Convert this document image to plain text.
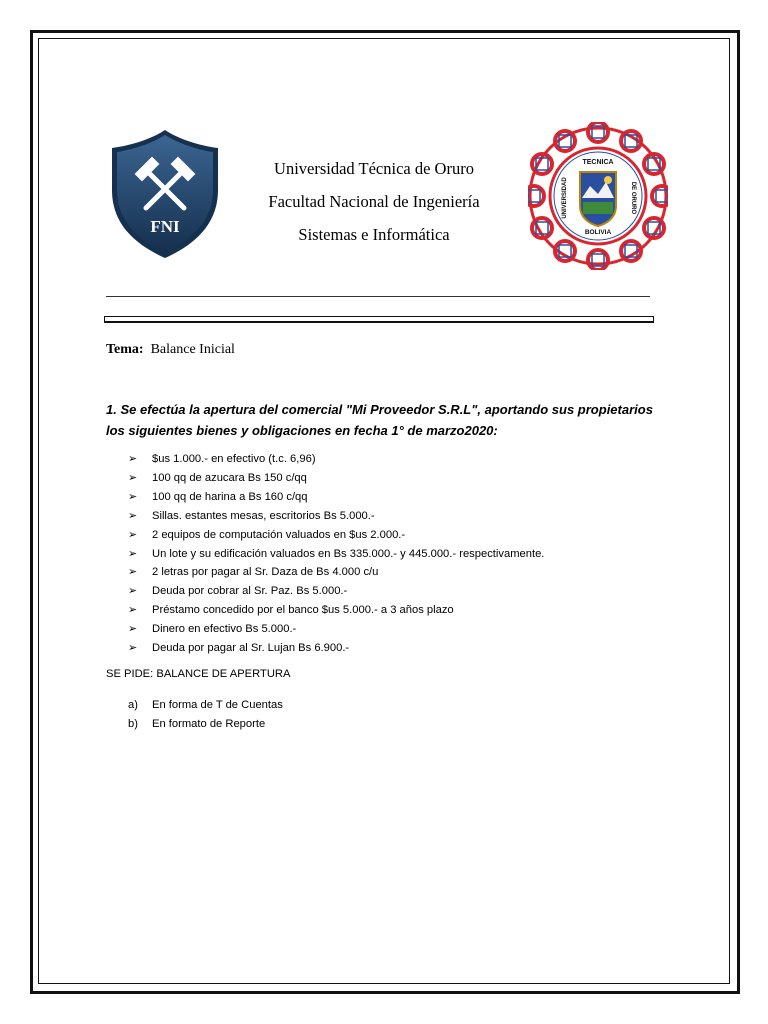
FNI
Universidad Técnica de Oruro
Facultad Nacional de Ingeniería
Sistemas e Informática
TECNICA
UNIVERSIDAD	DE ORURO
BOLIVIA
Tema: Balance Inicial
1. Se efectúa la apertura del comercial "Mi Proveedor S.R.L", aportando sus propietarios
los siguientes bienes y obligaciones en fecha 1° de marzo2020:
➢ $us 1.000.- en efectivo (t.c. 6,96)
➢ 100 qq de azucara Bs 150 c/qq
➢ 100 qq de harina a Bs 160 c/qq
➢ Sillas. estantes mesas, escritorios Bs 5.000.-
➢ 2 equipos de computación valuados en $us 2.000.-
➢ Un lote y su edificación valuados en Bs 335.000.- y 445.000.- respectivamente.
➢ 2 letras por pagar al Sr. Daza de Bs 4.000 c/u
➢ Deuda por cobrar al Sr. Paz. Bs 5.000.-
➢ Préstamo concedido por el banco $us 5.000.- a 3 años plazo
➢ Dinero en efectivo Bs 5.000.-
➢ Deuda por pagar al Sr. Lujan Bs 6.900.-
SE PIDE: BALANCE DE APERTURA
a) En forma de T de Cuentas
b) En formato de Reporte
